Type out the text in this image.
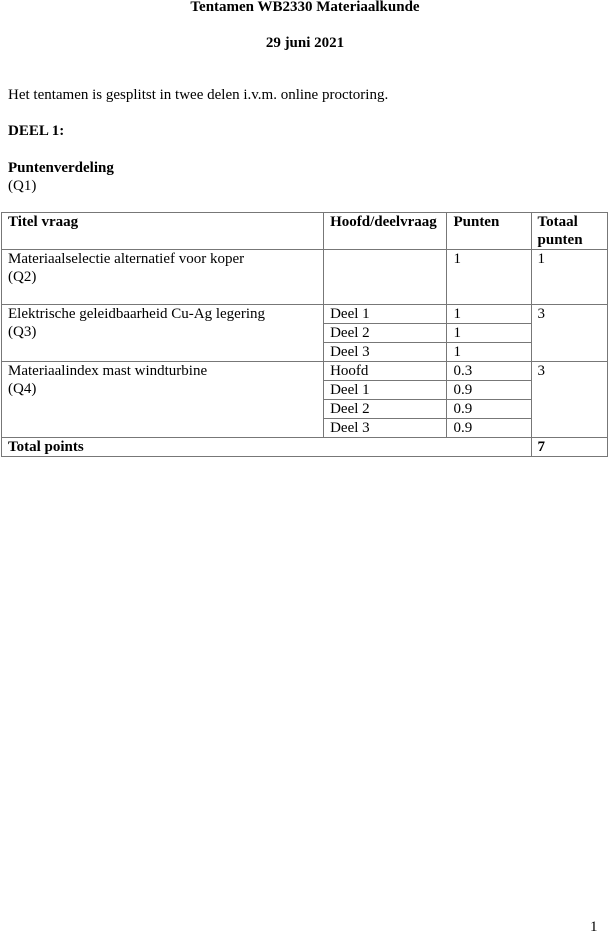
Tentamen WB2330 Materiaalkunde
29 juni 2021
Het tentamen is gesplitst in twee delen i.v.m. online proctoring.
DEEL 1:
Puntenverdeling
(Q1)
Titel vraag	Hoofd/deelvraag	Punten	Totaal punten

Materiaalselectie alternatief voor koper
(Q2)		1	1

Elektrische geleidbaarheid Cu-Ag legering
(Q3)	Deel 1	1	3
	Deel 2	1	
	Deel 3	1	

Materiaalindex mast windturbine
(Q4)	Hoofd	0.3	3
	Deel 1	0.9	
	Deel 2	0.9	
	Deel 3	0.9	
Total points			7
1
